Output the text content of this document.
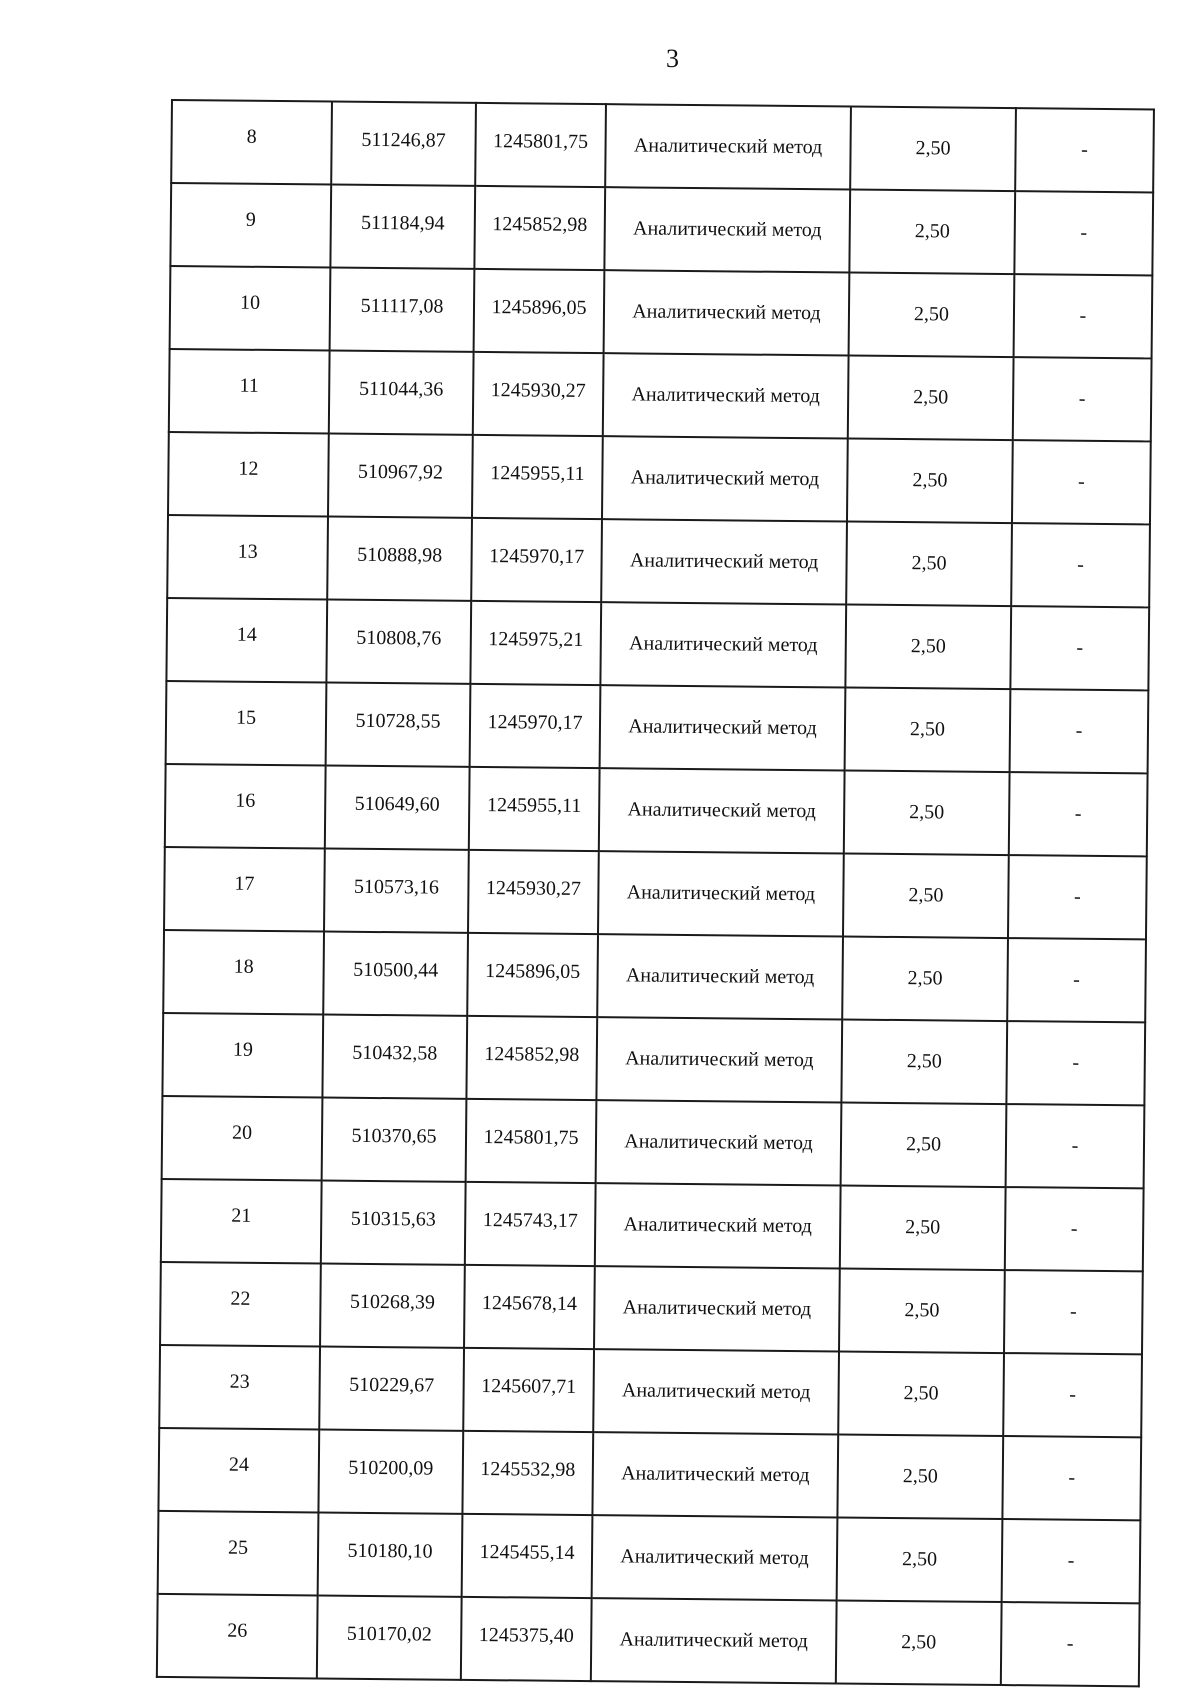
3
8	511246,87	1245801,75	Аналитический метод	2,50	-
9	511184,94	1245852,98	Аналитический метод	2,50	-
10	511117,08	1245896,05	Аналитический метод	2,50	-
11	511044,36	1245930,27	Аналитический метод	2,50	-
12	510967,92	1245955,11	Аналитический метод	2,50	-
13	510888,98	1245970,17	Аналитический метод	2,50	-
14	510808,76	1245975,21	Аналитический метод	2,50	-
15	510728,55	1245970,17	Аналитический метод	2,50	-
16	510649,60	1245955,11	Аналитический метод	2,50	-
17	510573,16	1245930,27	Аналитический метод	2,50	-
18	510500,44	1245896,05	Аналитический метод	2,50	-
19	510432,58	1245852,98	Аналитический метод	2,50	-
20	510370,65	1245801,75	Аналитический метод	2,50	-
21	510315,63	1245743,17	Аналитический метод	2,50	-
22	510268,39	1245678,14	Аналитический метод	2,50	-
23	510229,67	1245607,71	Аналитический метод	2,50	-
24	510200,09	1245532,98	Аналитический метод	2,50	-
25	510180,10	1245455,14	Аналитический метод	2,50	-
26	510170,02	1245375,40	Аналитический метод	2,50	-
